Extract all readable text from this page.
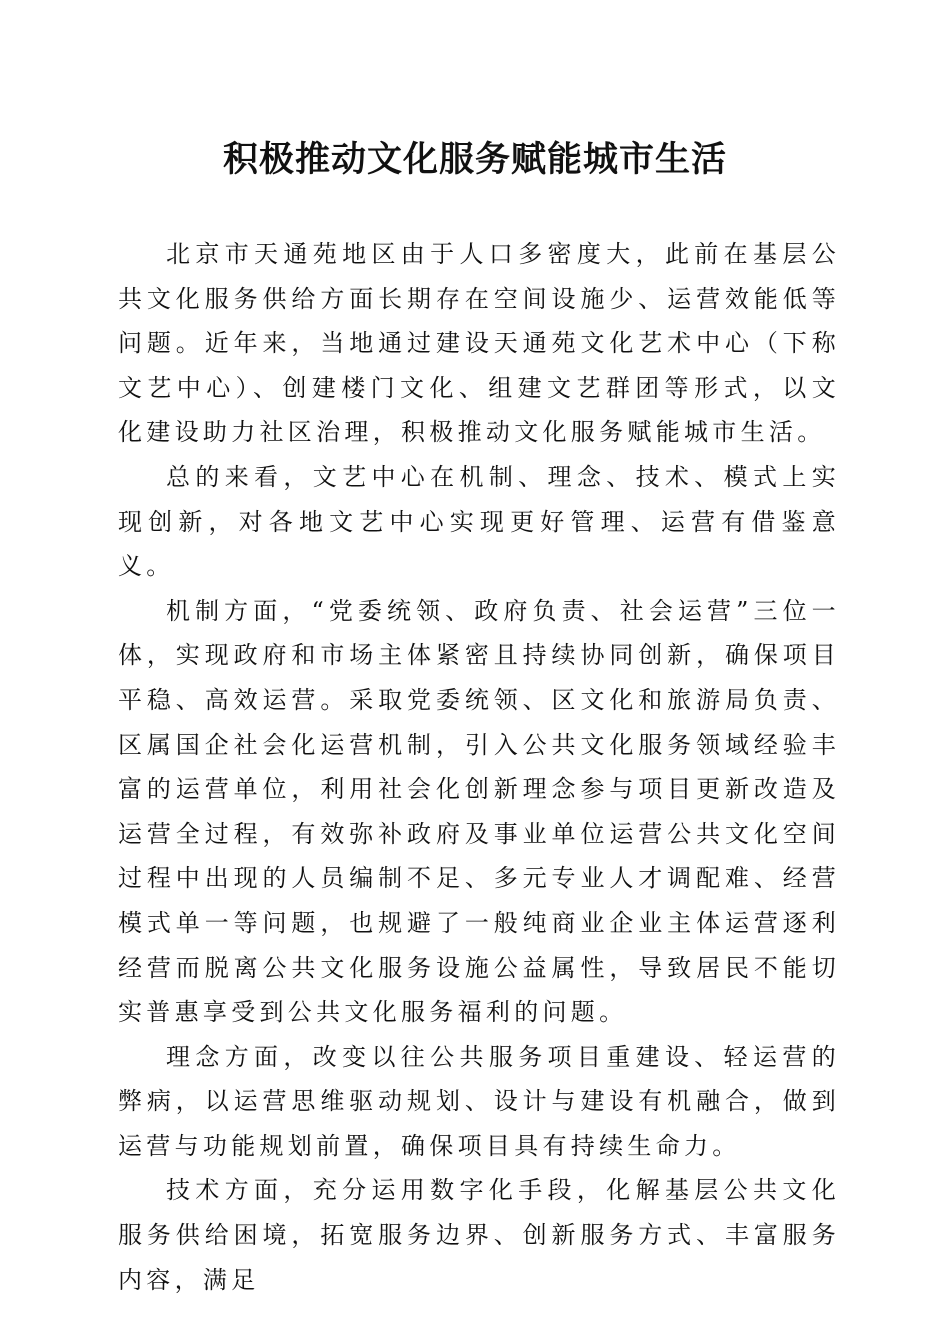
积极推动文化服务赋能城市生活

北京市天通苑地区由于人口多密度大，此前在基层公共文化服务供给方面长期存在空间设施少、运营效能低等问题。近年来，当地通过建设天通苑文化艺术中心（下称文艺中心）、创建楼门文化、组建文艺群团等形式，以文化建设助力社区治理，积极推动文化服务赋能城市生活。

总的来看，文艺中心在机制、理念、技术、模式上实现创新，对各地文艺中心实现更好管理、运营有借鉴意义。

机制方面，“党委统领、政府负责、社会运营”三位一体，实现政府和市场主体紧密且持续协同创新，确保项目平稳、高效运营。采取党委统领、区文化和旅游局负责、区属国企社会化运营机制，引入公共文化服务领域经验丰富的运营单位，利用社会化创新理念参与项目更新改造及运营全过程，有效弥补政府及事业单位运营公共文化空间过程中出现的人员编制不足、多元专业人才调配难、经营模式单一等问题，也规避了一般纯商业企业主体运营逐利经营而脱离公共文化服务设施公益属性，导致居民不能切实普惠享受到公共文化服务福利的问题。

理念方面，改变以往公共服务项目重建设、轻运营的弊病，以运营思维驱动规划、设计与建设有机融合，做到运营与功能规划前置，确保项目具有持续生命力。

技术方面，充分运用数字化手段，化解基层公共文化服务供给困境，拓宽服务边界、创新服务方式、丰富服务内容，满足
